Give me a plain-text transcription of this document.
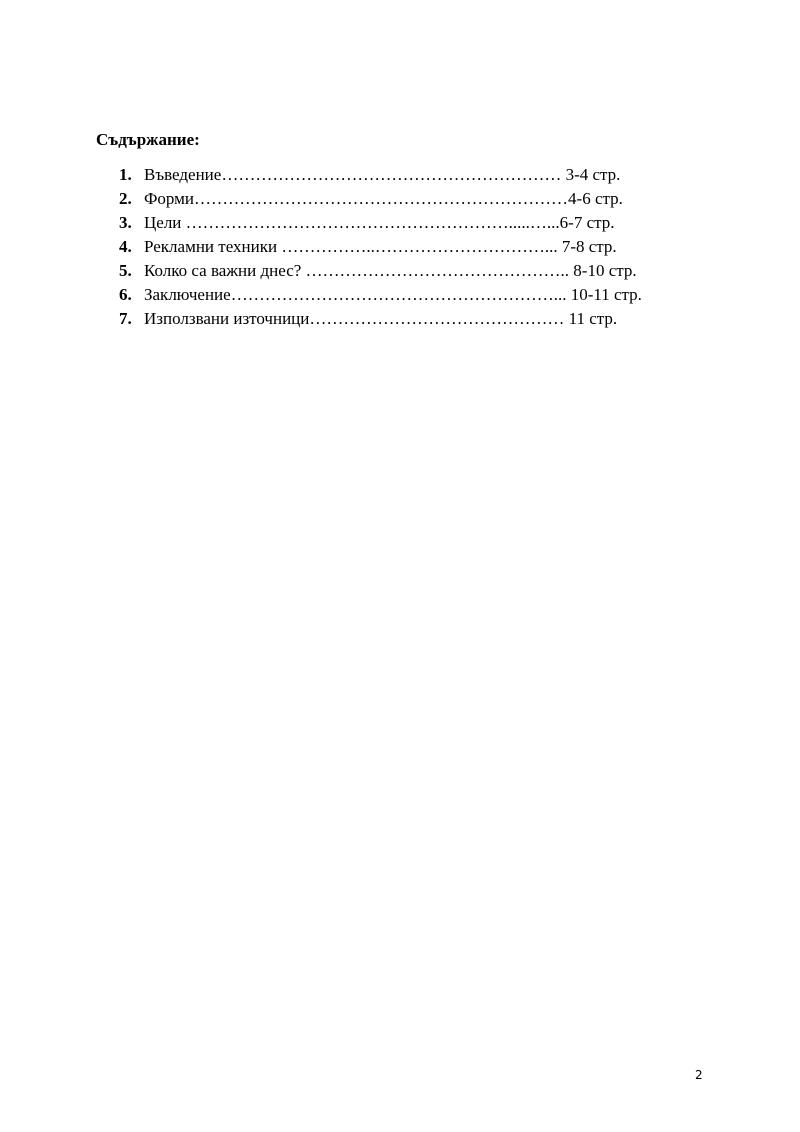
Съдържание:
1. Въведение…………………………………………………… 3-4 стр.
2. Форми…………………………………………………………4-6 стр.
3. Цели ………………………………………………….....…...6-7 стр.
4. Рекламни техники ……………..…………………………... 7-8 стр.
5. Колко са важни днес? ……………………………………….. 8-10 стр.
6. Заключение…………………………………………………... 10-11 стр.
7. Използвани източници……………………………………… 11 стр.
2
